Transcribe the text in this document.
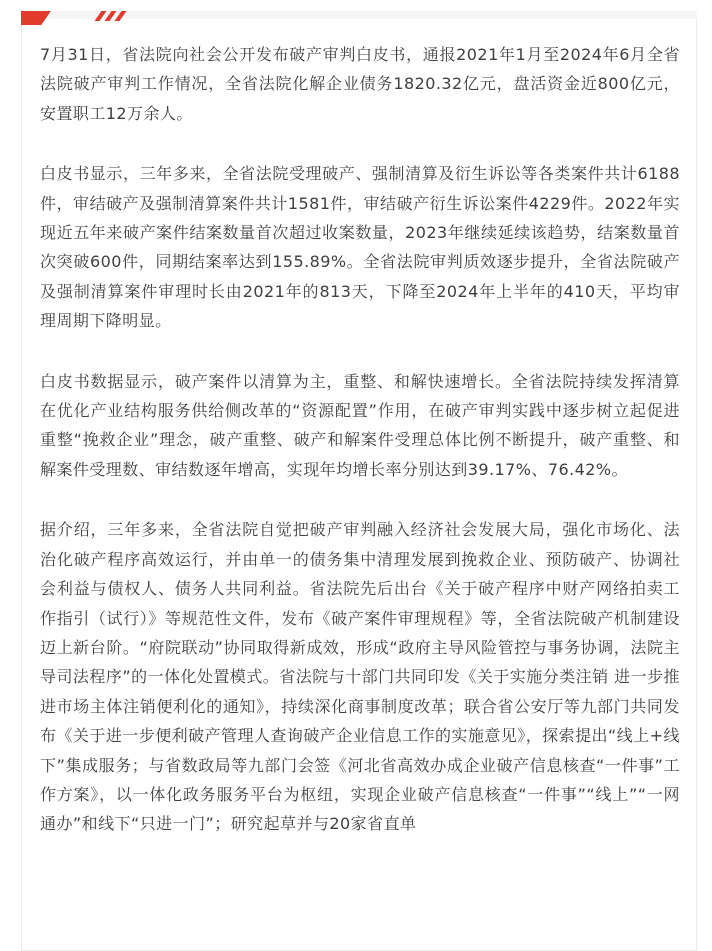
7月31日，省法院向社会公开发布破产审判白皮书，通报2021年1月至2024年6月全省法院破产审判工作情况，全省法院化解企业债务1820.32亿元，盘活资金近800亿元，安置职工12万余人。

白皮书显示，三年多来，全省法院受理破产、强制清算及衍生诉讼等各类案件共计6188件，审结破产及强制清算案件共计1581件，审结破产衍生诉讼案件4229件。2022年实现近五年来破产案件结案数量首次超过收案数量，2023年继续延续该趋势，结案数量首次突破600件，同期结案率达到155.89%。全省法院审判质效逐步提升，全省法院破产及强制清算案件审理时长由2021年的813天，下降至2024年上半年的410天，平均审理周期下降明显。

白皮书数据显示，破产案件以清算为主，重整、和解快速增长。全省法院持续发挥清算在优化产业结构服务供给侧改革的“资源配置”作用，在破产审判实践中逐步树立起促进重整“挽救企业”理念，破产重整、破产和解案件受理总体比例不断提升，破产重整、和解案件受理数、审结数逐年增高，实现年均增长率分别达到39.17%、76.42%。

据介绍，三年多来，全省法院自觉把破产审判融入经济社会发展大局，强化市场化、法治化破产程序高效运行，并由单一的债务集中清理发展到挽救企业、预防破产、协调社会利益与债权人、债务人共同利益。省法院先后出台《关于破产程序中财产网络拍卖工作指引（试行）》等规范性文件，发布《破产案件审理规程》等，全省法院破产机制建设迈上新台阶。“府院联动”协同取得新成效，形成“政府主导风险管控与事务协调，法院主导司法程序”的一体化处置模式。省法院与十部门共同印发《关于实施分类注销 进一步推进市场主体注销便利化的通知》，持续深化商事制度改革；联合省公安厅等九部门共同发布《关于进一步便利破产管理人查询破产企业信息工作的实施意见》，探索提出“线上+线下”集成服务；与省数政局等九部门会签《河北省高效办成企业破产信息核查“一件事”工作方案》，以一体化政务服务平台为枢纽，实现企业破产信息核查“一件事”“线上”“一网通办”和线下“只进一门”；研究起草并与20家省直单
